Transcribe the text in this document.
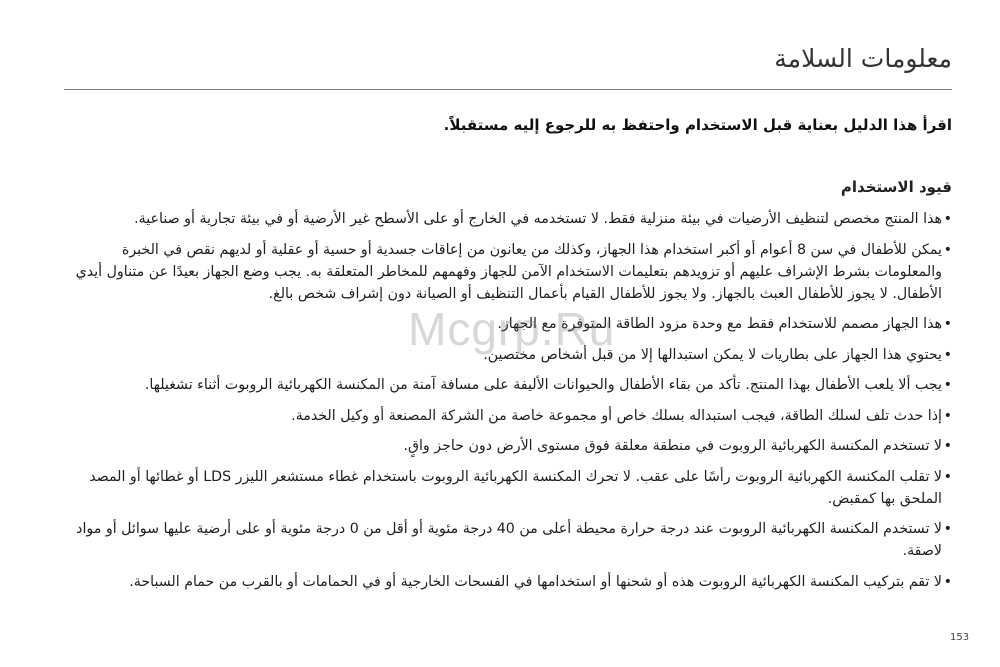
معلومات السلامة

اقرأ هذا الدليل بعناية قبل الاستخدام واحتفظ به للرجوع إليه مستقبلاً.

قيود الاستخدام
•
هذا المنتج مخصص لتنظيف الأرضيات في بيئة منزلية فقط. لا تستخدمه في الخارج أو على الأسطح غير الأرضية أو في بيئة تجارية أو صناعية.
•
يمكن للأطفال في سن 8 أعوام أو أكبر استخدام هذا الجهاز، وكذلك من يعانون من إعاقات جسدية أو حسية أو عقلية أو لديهم نقص في الخبرة والمعلومات بشرط الإشراف عليهم أو تزويدهم بتعليمات الاستخدام الآمن للجهاز وفهمهم للمخاطر المتعلقة به. يجب وضع الجهاز بعيدًا عن متناول أيدي الأطفال. لا يجوز للأطفال العبث بالجهاز. ولا يجوز للأطفال القيام بأعمال التنظيف أو الصيانة دون إشراف شخص بالغ.
•
هذا الجهاز مصمم للاستخدام فقط مع وحدة مزود الطاقة المتوفرة مع الجهاز.
•
يحتوي هذا الجهاز على بطاريات لا يمكن استبدالها إلا من قبل أشخاص مختصين.
•
يجب ألا يلعب الأطفال بهذا المنتج. تأكد من بقاء الأطفال والحيوانات الأليفة على مسافة آمنة من المكنسة الكهربائية الروبوت أثناء تشغيلها.
•
إذا حدث تلف لسلك الطاقة، فيجب استبداله بسلك خاص أو مجموعة خاصة من الشركة المصنعة أو وكيل الخدمة.
•
لا تستخدم المكنسة الكهربائية الروبوت في منطقة معلقة فوق مستوى الأرض دون حاجز واقٍ.
•
لا تقلب المكنسة الكهربائية الروبوت رأسًا على عقب. لا تحرك المكنسة الكهربائية الروبوت باستخدام غطاء مستشعر الليزر LDS أو غطائها أو المصد الملحق بها كمقبض.
•
لا تستخدم المكنسة الكهربائية الروبوت عند درجة حرارة محيطة أعلى من 40 درجة مئوية أو أقل من 0 درجة مئوية أو على أرضية عليها سوائل أو مواد لاصقة.
•
لا تقم بتركيب المكنسة الكهربائية الروبوت هذه أو شحنها أو استخدامها في الفسحات الخارجية أو في الحمامات أو بالقرب من حمام السباحة.
Mcgrp.Ru
153
